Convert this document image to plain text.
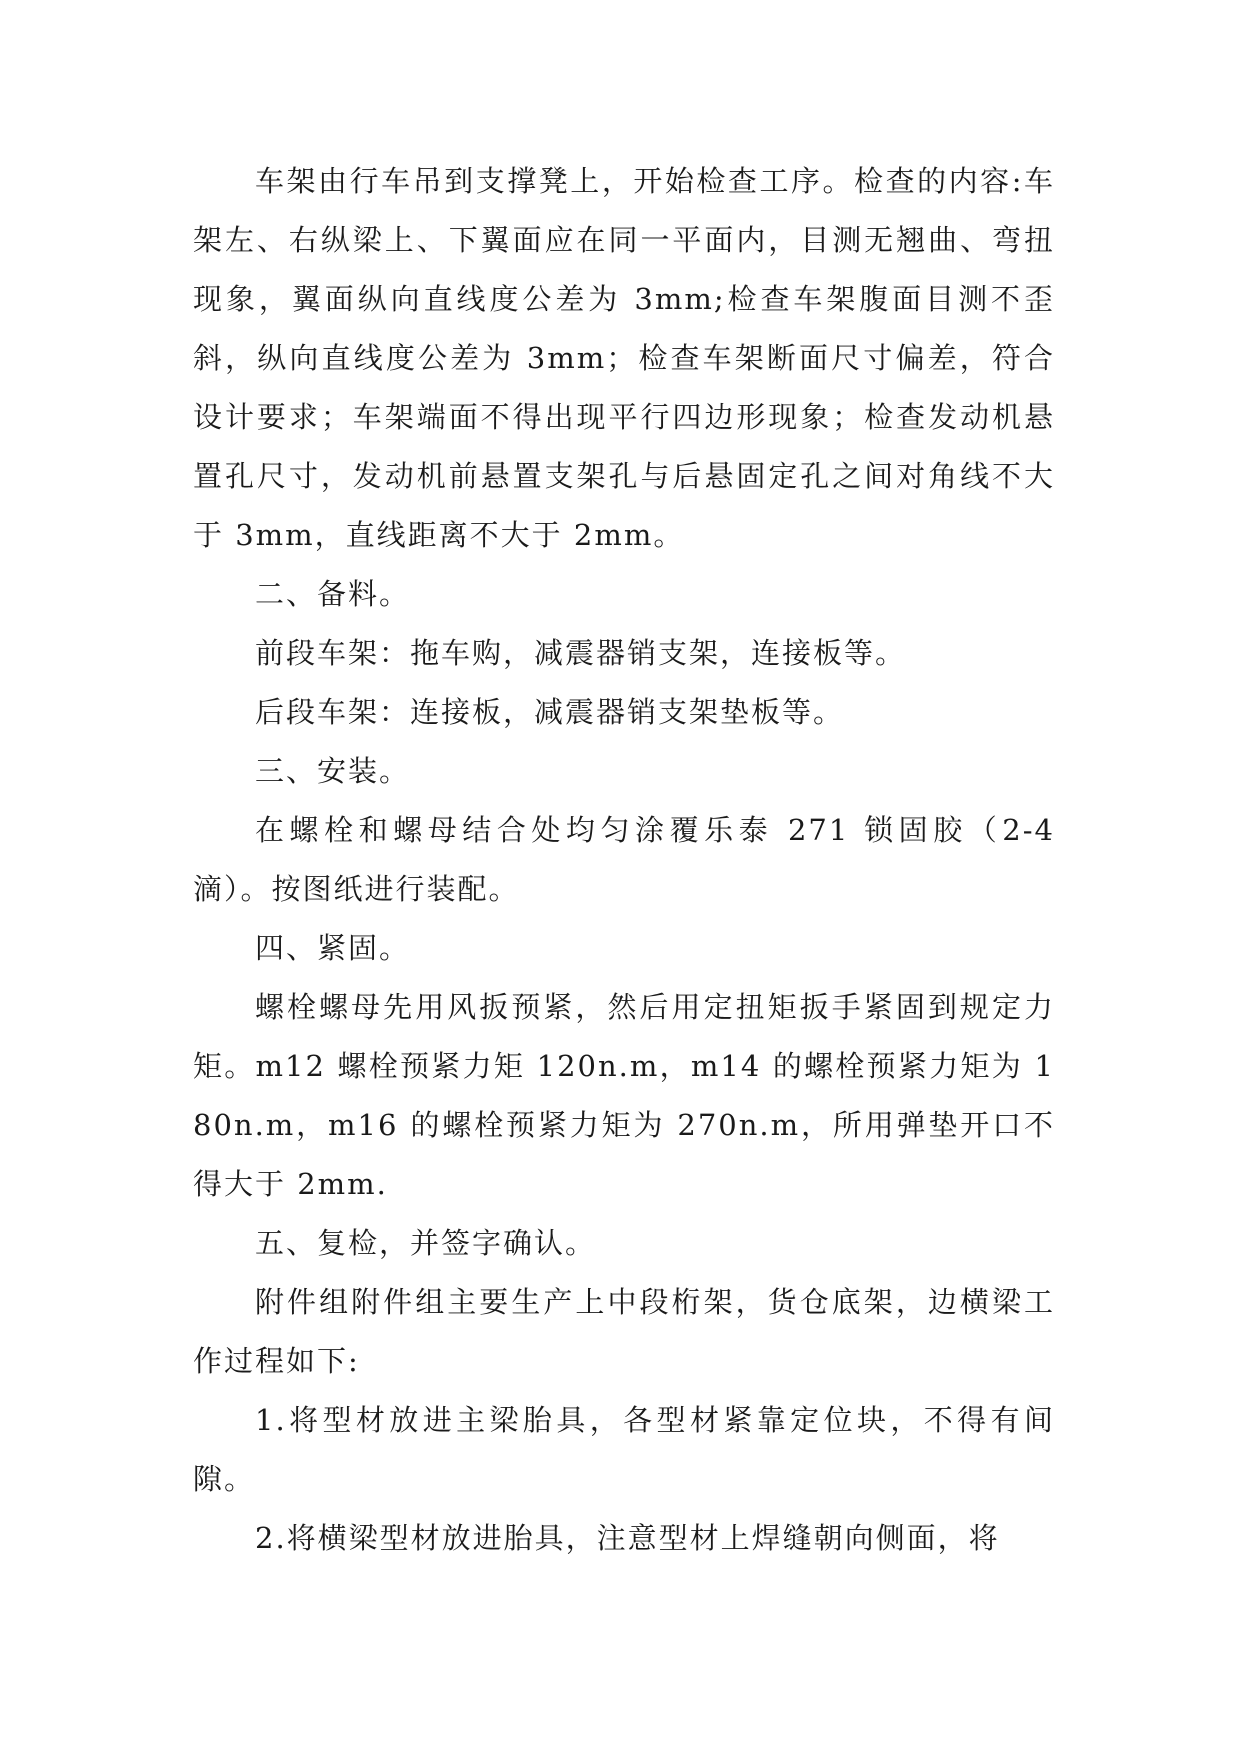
车架由行车吊到支撑凳上，开始检查工序。检查的内容:车架左、右纵梁上、下翼面应在同一平面内，目测无翘曲、弯扭现象，翼面纵向直线度公差为 3mm;检查车架腹面目测不歪斜，纵向直线度公差为 3mm；检查车架断面尺寸偏差，符合设计要求；车架端面不得出现平行四边形现象；检查发动机悬置孔尺寸，发动机前悬置支架孔与后悬固定孔之间对角线不大于 3mm，直线距离不大于 2mm。

二、备料。

前段车架：拖车购，减震器销支架，连接板等。

后段车架：连接板，减震器销支架垫板等。

三、安装。

在螺栓和螺母结合处均匀涂覆乐泰 271 锁固胶（2-4 滴）。按图纸进行装配。

四、紧固。

螺栓螺母先用风扳预紧，然后用定扭矩扳手紧固到规定力矩。m12 螺栓预紧力矩 120n.m，m14 的螺栓预紧力矩为 180n.m，m16 的螺栓预紧力矩为 270n.m，所用弹垫开口不得大于 2mm.

五、复检，并签字确认。

附件组附件组主要生产上中段桁架，货仓底架，边横梁工作过程如下:

1.将型材放进主梁胎具，各型材紧靠定位块，不得有间隙。

2.将横梁型材放进胎具，注意型材上焊缝朝向侧面，将
